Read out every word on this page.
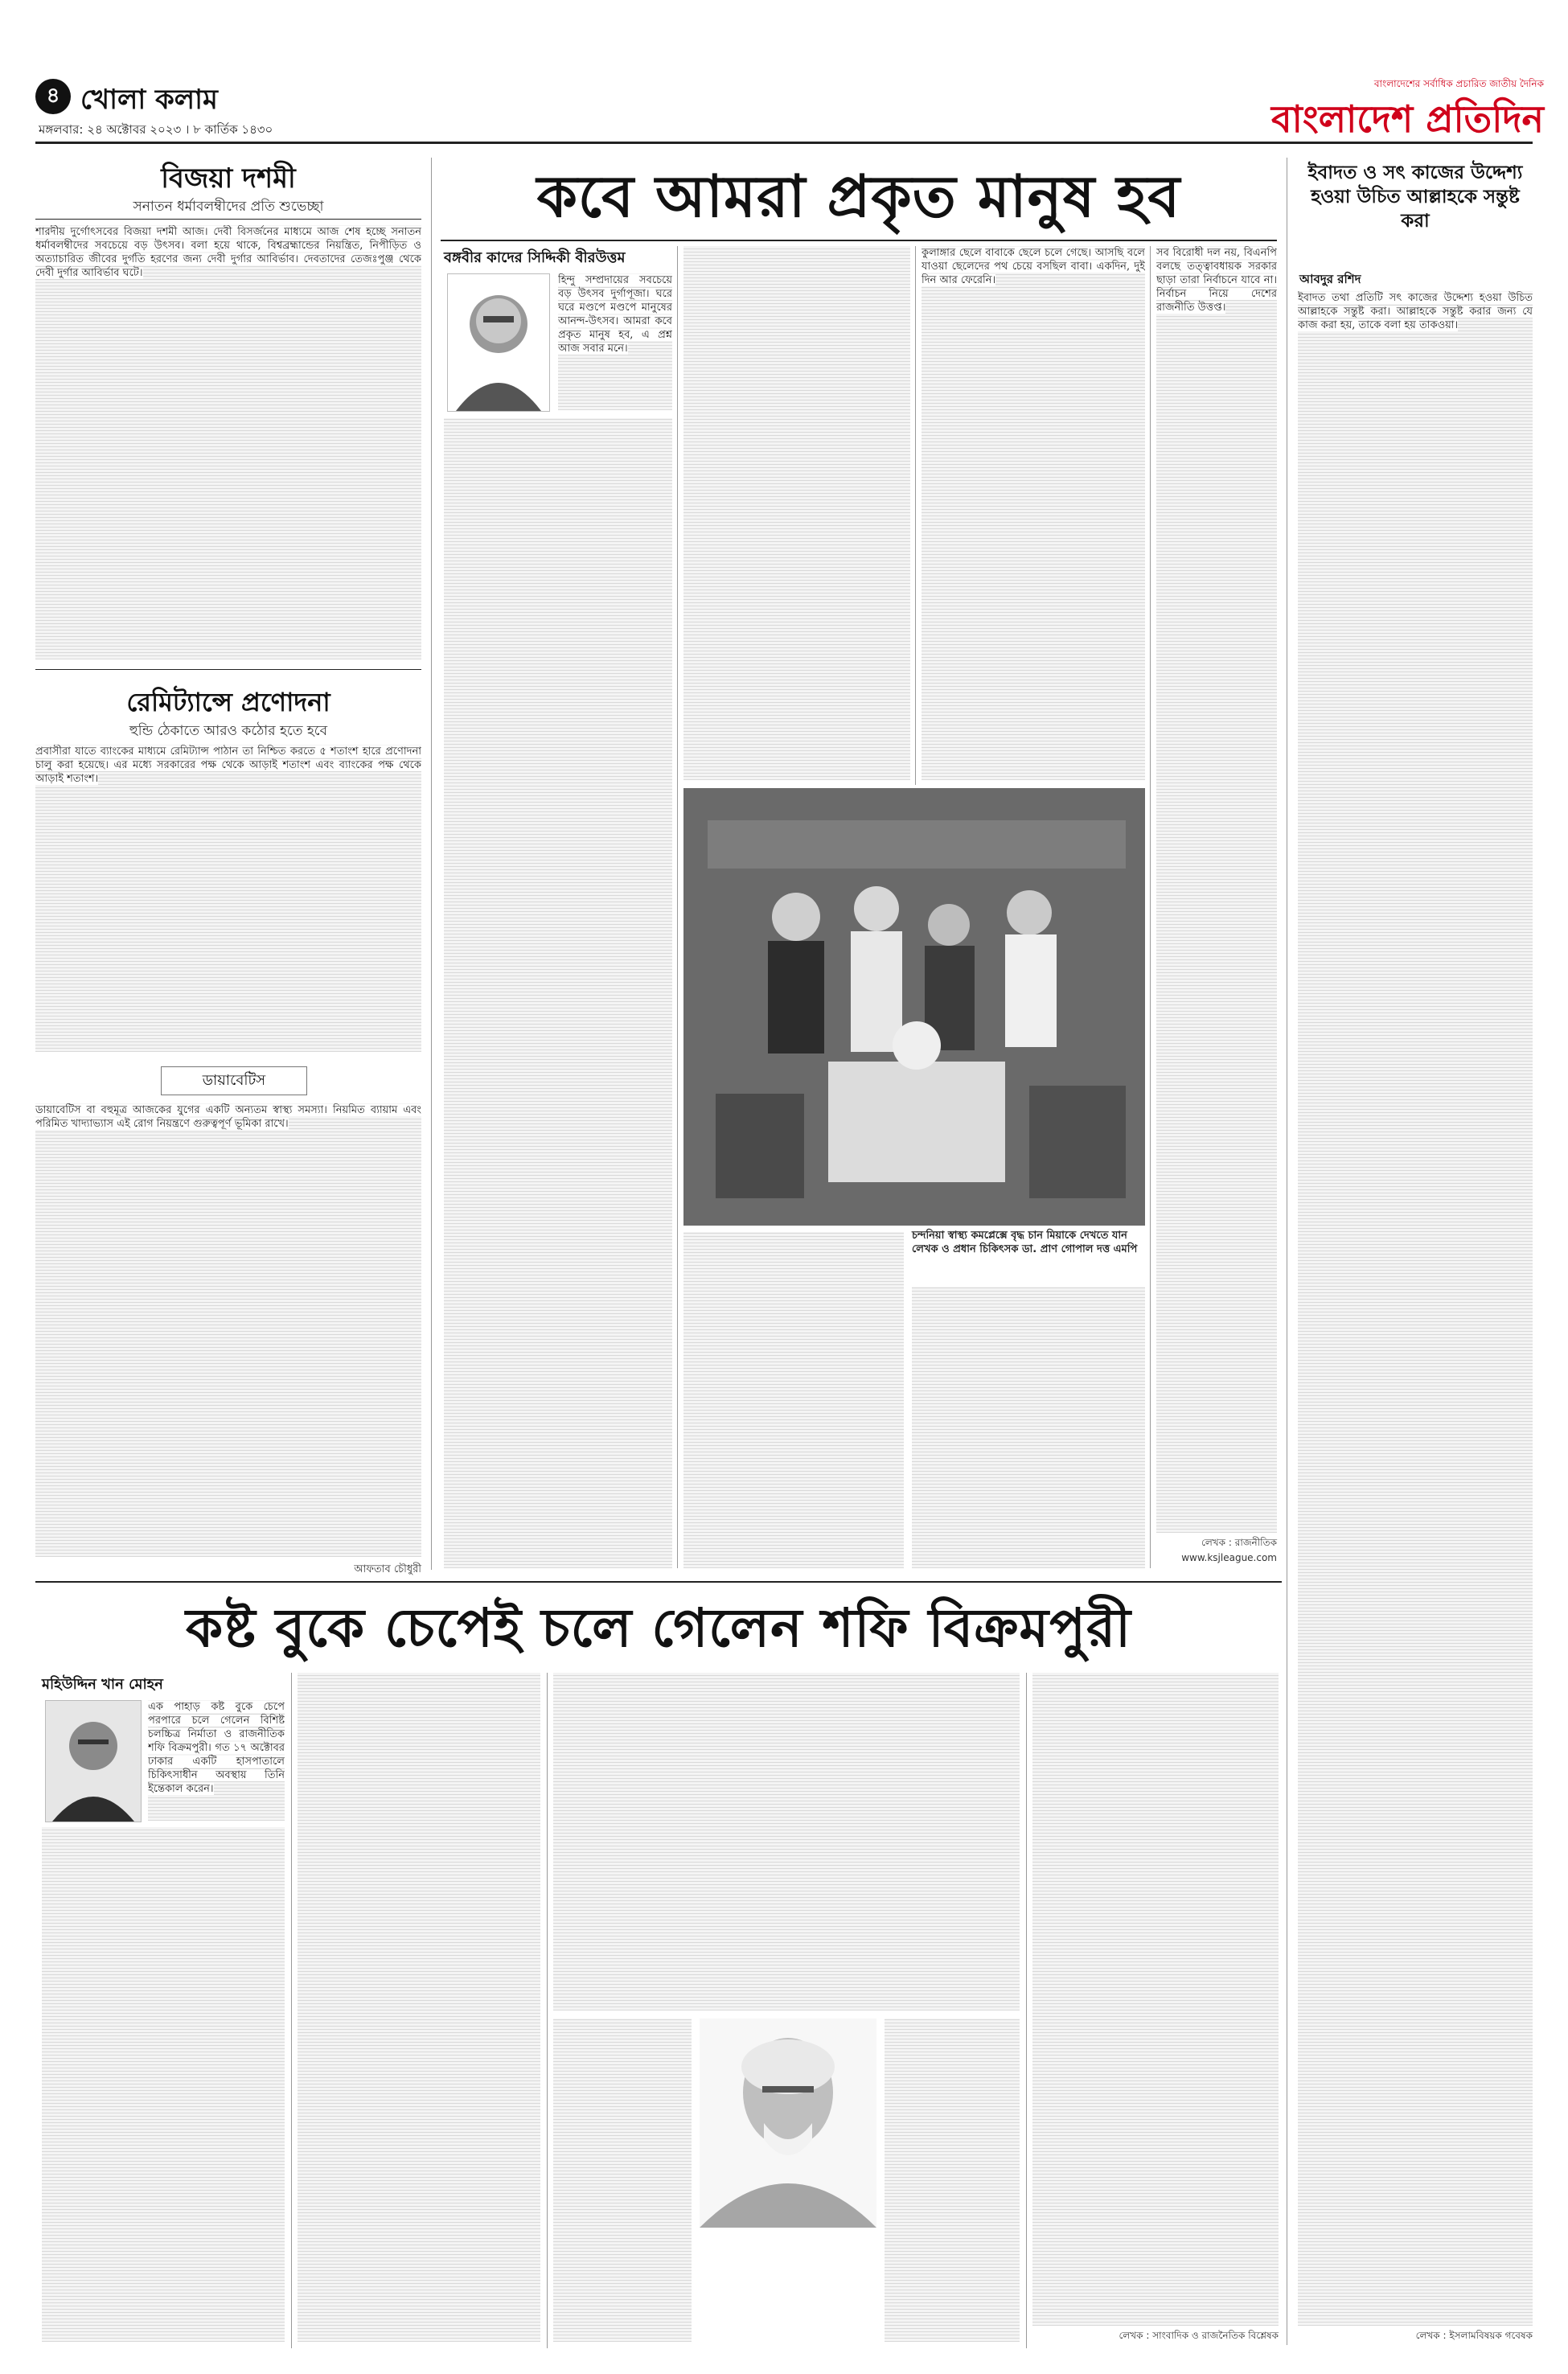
৪ খোলা কলাম
মঙ্গলবার: ২৪ অক্টোবর ২০২৩ । ৮ কার্তিক ১৪৩০
বাংলাদেশের সর্বাধিক প্রচারিত জাতীয় দৈনিক
বাংলাদেশ প্রতিদিন
বিজয়া দশমী
সনাতন ধর্মাবলম্বীদের প্রতি শুভেচ্ছা
শারদীয় দুর্গোৎসবের বিজয়া দশমী আজ। দেবী বিসর্জনের মাধ্যমে আজ শেষ হচ্ছে সনাতন ধর্মাবলম্বীদের সবচেয়ে বড় উৎসব। বলা হয়ে থাকে, বিশ্বব্রহ্মান্ডের নিয়ন্ত্রিত, নিপীড়িত ও অত্যাচারিত জীবের দুর্গতি হরণের জন্য দেবী দুর্গার আবির্ভাব। দেবতাদের তেজঃপুঞ্জ থেকে দেবী দুর্গার আবির্ভাব ঘটে।
রেমিট্যান্সে প্রণোদনা
হুন্ডি ঠেকাতে আরও কঠোর হতে হবে
প্রবাসীরা যাতে ব্যাংকের মাধ্যমে রেমিট্যান্স পাঠান তা নিশ্চিত করতে ৫ শতাংশ হারে প্রণোদনা চালু করা হয়েছে। এর মধ্যে সরকারের পক্ষ থেকে আড়াই শতাংশ এবং ব্যাংকের পক্ষ থেকে আড়াই শতাংশ।
ডায়াবেটিস
ডায়াবেটিস বা বহুমূত্র আজকের যুগের একটি অন্যতম স্বাস্থ্য সমস্যা। নিয়মিত ব্যায়াম এবং পরিমিত খাদ্যাভ্যাস এই রোগ নিয়ন্ত্রণে গুরুত্বপূর্ণ ভূমিকা রাখে।
আফতাব চৌধুরী
কবে আমরা প্রকৃত মানুষ হব
বঙ্গবীর কাদের সিদ্দিকী বীরউত্তম
হিন্দু সম্প্রদায়ের সবচেয়ে বড় উৎসব দুর্গাপূজা। ঘরে ঘরে মণ্ডপে মণ্ডপে মানুষের আনন্দ-উৎসব। আমরা কবে প্রকৃত মানুষ হব, এ প্রশ্ন আজ সবার মনে।
চন্দনিয়া স্বাস্থ্য কমপ্লেক্সে বৃদ্ধ চান মিয়াকে দেখতে যান লেখক ও প্রধান চিকিৎসক ডা. প্রাণ গোপাল দত্ত এমপি
কুলাঙ্গার ছেলে বাবাকে ছেলে চলে গেছে। আসছি বলে যাওয়া ছেলেদের পথ চেয়ে বসছিল বাবা। একদিন, দুই দিন আর ফেরেনি।
সব বিরোধী দল নয়, বিএনপি বলছে তত্ত্বাবধায়ক সরকার ছাড়া তারা নির্বাচনে যাবে না। নির্বাচন নিয়ে দেশের রাজনীতি উত্তপ্ত।
লেখক : রাজনীতিক
www.ksjleague.com
ইবাদত ও সৎ কাজের উদ্দেশ্য হওয়া উচিত আল্লাহকে সন্তুষ্ট করা
আবদুর রশিদ
ইবাদত তথা প্রতিটি সৎ কাজের উদ্দেশ্য হওয়া উচিত আল্লাহকে সন্তুষ্ট করা। আল্লাহকে সন্তুষ্ট করার জন্য যে কাজ করা হয়, তাকে বলা হয় তাকওয়া।
লেখক : ইসলামবিষয়ক গবেষক
কষ্ট বুকে চেপেই চলে গেলেন শফি বিক্রমপুরী
মহিউদ্দিন খান মোহন
এক পাহাড় কষ্ট বুকে চেপে পরপারে চলে গেলেন বিশিষ্ট চলচ্চিত্র নির্মাতা ও রাজনীতিক শফি বিক্রমপুরী। গত ১৭ অক্টোবর ঢাকার একটি হাসপাতালে চিকিৎসাধীন অবস্থায় তিনি ইন্তেকাল করেন।
লেখক : সাংবাদিক ও রাজনৈতিক বিশ্লেষক
